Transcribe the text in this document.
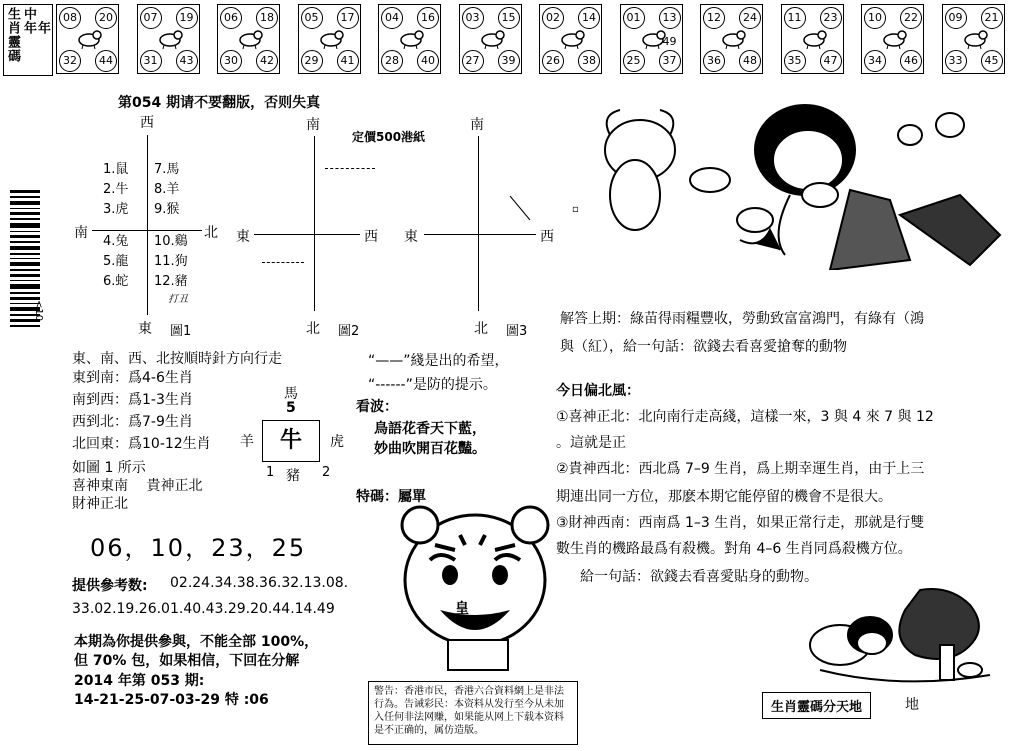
生
肖
靈
碼
中
年 年
08	20
32	44
07	19
31	43
06	18
30	42
05	17
29	41
04	16
28	40
03	15
27	39
02	14
26	38
01	13
25	37
49
12	24
36	48
11	23
35	47
10	22
34	46
09	21
33	45
<10
第054 期请不要翻版，否则失真
定價500港紙
西
南	北
東 圖1
1.鼠
2.牛
3.虎
4.兔
5.龍
6.蛇
7.馬
8.羊
9.猴
10.鷄
11.狗
12.豬
打丑
南
東	西
北 圖2
南
東	西
北 圖3
▫
東、南、西、北按順時針方向行走
東到南：爲4-6生肖
南到西：爲1-3生肖
西到北：爲7-9生肖
北回東：爲10-12生肖
如圖 1 所示
喜神東南　 貴神正北
財神正北
“——”綫是出的希望，
“------”是防的提示。
馬
5
羊	牛	虎
1 豬 2
看波：
鳥語花香天下藍，
妙曲吹開百花豔。
特碼：屬單
06，10，23，25
提供參考数: 02.24.34.38.36.32.13.08.
33.02.19.26.01.40.43.29.20.44.14.49
本期為你提供參與，不能全部 100%，
但 70% 包，如果相信，下回在分解
2014 年第 053 期:
14-21-25-07-03-29 特 :06
皇
警告：香港市民，香港六合資料網上是非法行為。告诫彩民：本资料从发行至今从未加入任何非法网赚，如果能从网上下载本资料是不正确的，属仿造版。
解答上期：綠苗得雨糧豐收，勞動致富富鴻門，有綠有（鴻
與（紅），給一句話：欲錢去看喜愛搶奪的動物
今日偏北風：
①喜神正北：北向南行走高綫，這樣一來，3 與 4 來 7 與 12
。這就是正
②貴神西北：西北爲 7–9 生肖，爲上期幸運生肖，由于上三
期連出同一方位，那麽本期它能停留的機會不是很大。
③財神西南：西南爲 1–3 生肖，如果正常行走，那就是行雙
數生肖的機路最爲有殺機。對角 4–6 生肖同爲殺機方位。
給一句話：欲錢去看喜愛貼身的動物。
生肖靈碼分天地	地
